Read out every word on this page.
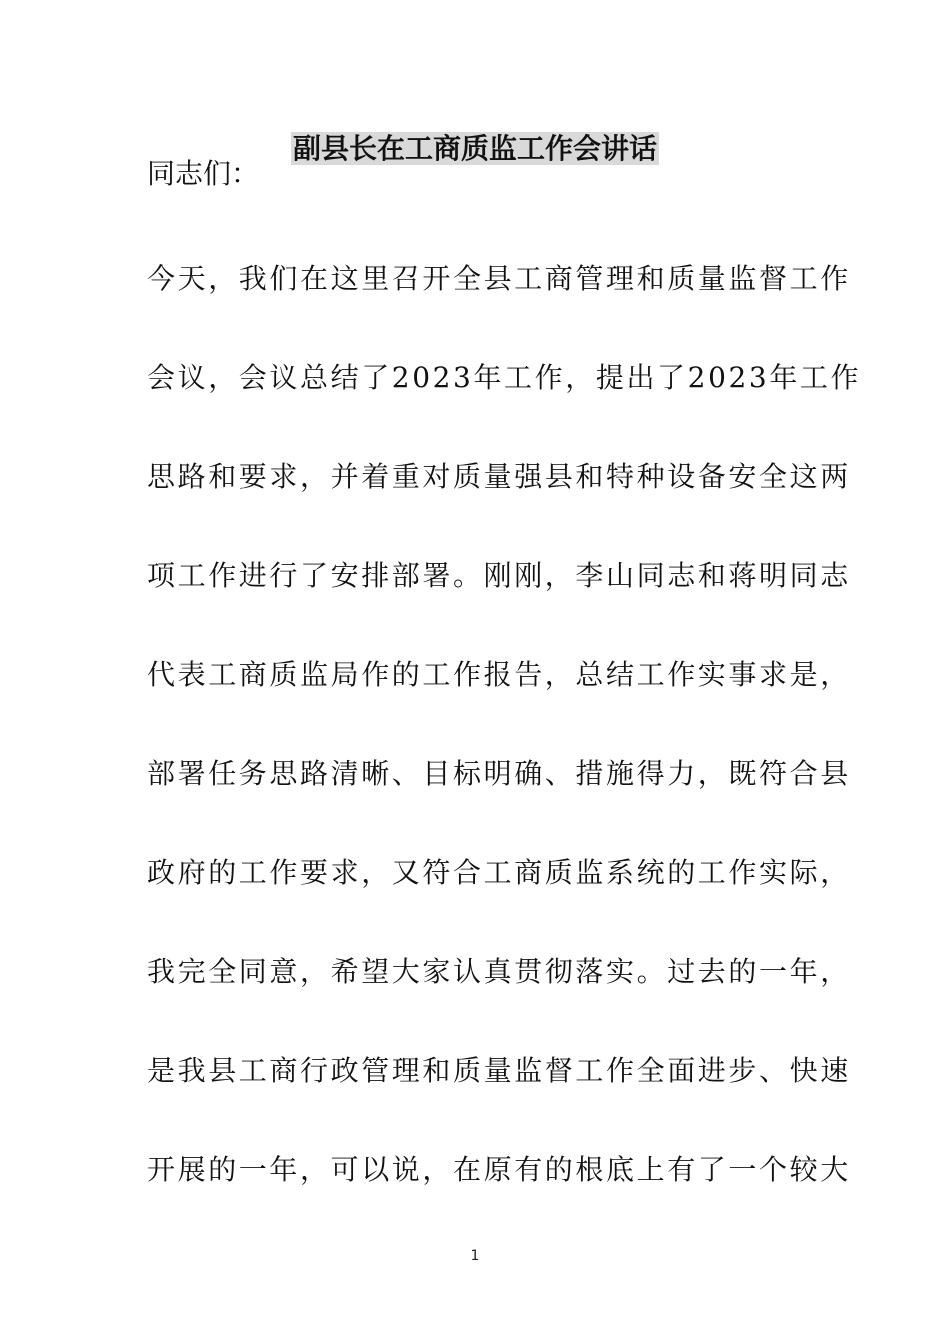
副县长在工商质监工作会讲话
同志们：
今天，我们在这里召开全县工商管理和质量监督工作
会议，会议总结了2023年工作，提出了2023年工作
思路和要求，并着重对质量强县和特种设备安全这两
项工作进行了安排部署。刚刚，李山同志和蒋明同志
代表工商质监局作的工作报告，总结工作实事求是，
部署任务思路清晰、目标明确、措施得力，既符合县
政府的工作要求，又符合工商质监系统的工作实际，
我完全同意，希望大家认真贯彻落实。过去的一年，
是我县工商行政管理和质量监督工作全面进步、快速
开展的一年，可以说，在原有的根底上有了一个较大
1
